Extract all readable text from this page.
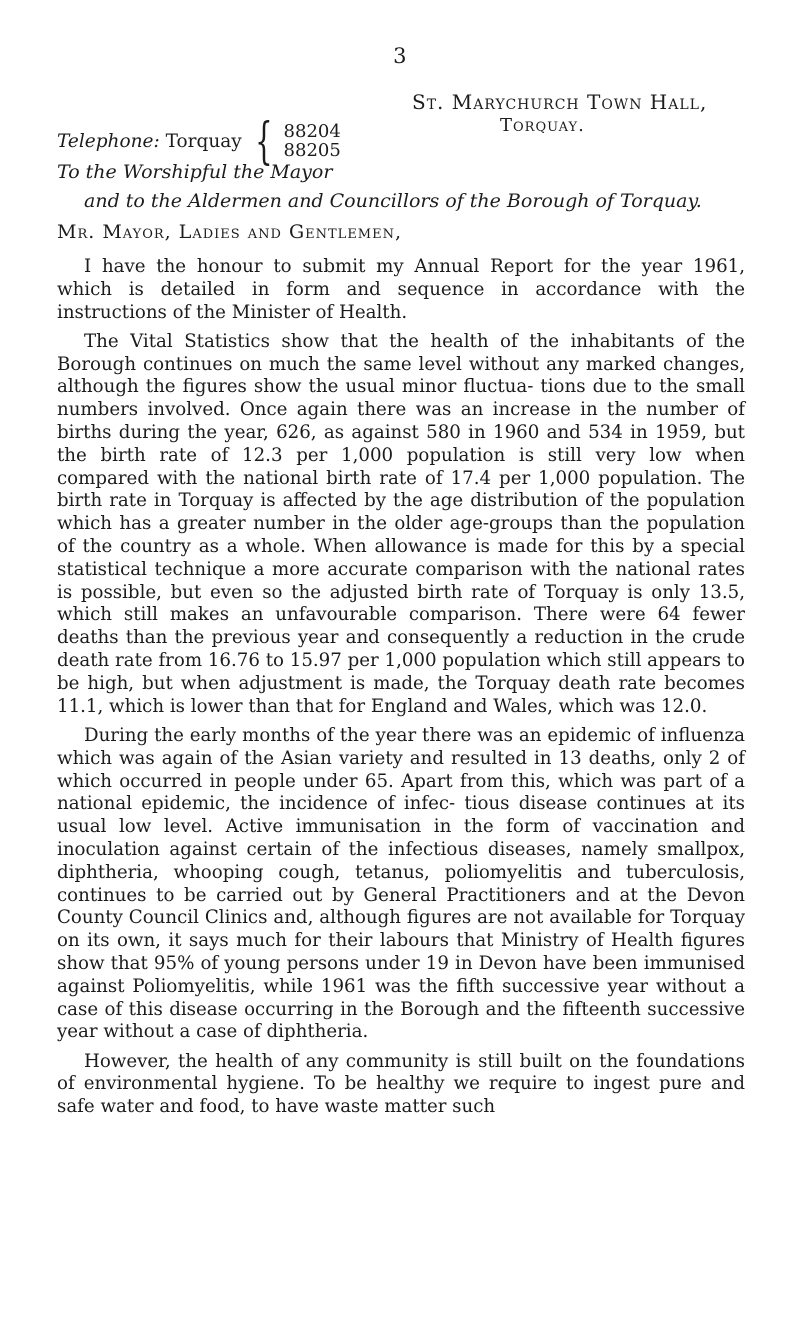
3
St. Marychurch Town Hall,
Torquay.
Telephone:
Torquay { 88204
88205
To the Worshipful the Mayor
and to the Aldermen and Councillors of the Borough of Torquay.
Mr. Mayor, Ladies and Gentlemen,

I have the honour to submit my Annual Report for the year 1961, which is detailed in form and sequence in accordance with the instructions of the Minister of Health.

The Vital Statistics show that the health of the inhabitants of the Borough continues on much the same level without any marked changes, although the figures show the usual minor fluctua- tions due to the small numbers involved. Once again there was an increase in the number of births during the year, 626, as against 580 in 1960 and 534 in 1959, but the birth rate of 12.3 per 1,000 population is still very low when compared with the national birth rate of 17.4 per 1,000 population. The birth rate in Torquay is affected by the age distribution of the population which has a greater number in the older age-groups than the population of the country as a whole. When allowance is made for this by a special statistical technique a more accurate comparison with the national rates is possible, but even so the adjusted birth rate of Torquay is only 13.5, which still makes an unfavourable comparison. There were 64 fewer deaths than the previous year and consequently a reduction in the crude death rate from 16.76 to 15.97 per 1,000 population which still appears to be high, but when adjustment is made, the Torquay death rate becomes 11.1, which is lower than that for England and Wales, which was 12.0.

During the early months of the year there was an epidemic of influenza which was again of the Asian variety and resulted in 13 deaths, only 2 of which occurred in people under 65. Apart from this, which was part of a national epidemic, the incidence of infec- tious disease continues at its usual low level. Active immunisation in the form of vaccination and inoculation against certain of the infectious diseases, namely smallpox, diphtheria, whooping cough, tetanus, poliomyelitis and tuberculosis, continues to be carried out by General Practitioners and at the Devon County Council Clinics and, although figures are not available for Torquay on its own, it says much for their labours that Ministry of Health figures show that 95% of young persons under 19 in Devon have been immunised against Poliomyelitis, while 1961 was the fifth successive year without a case of this disease occurring in the Borough and the fifteenth successive year without a case of diphtheria.

However, the health of any community is still built on the foundations of environmental hygiene. To be healthy we require to ingest pure and safe water and food, to have waste matter such
